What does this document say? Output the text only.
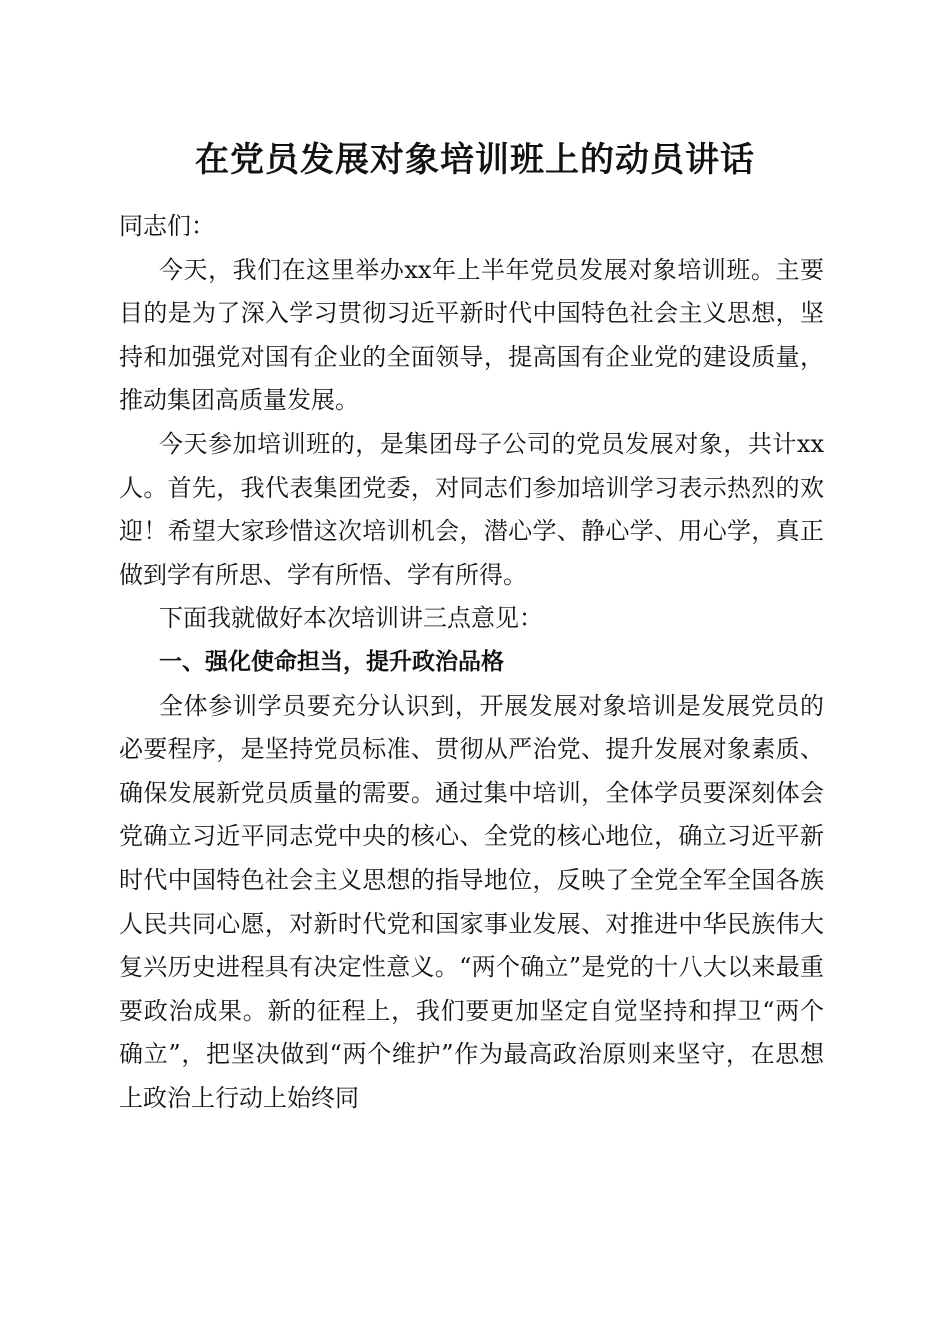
在党员发展对象培训班上的动员讲话

同志们：

今天，我们在这里举办xx年上半年党员发展对象培训班。主要目的是为了深入学习贯彻习近平新时代中国特色社会主义思想，坚持和加强党对国有企业的全面领导，提高国有企业党的建设质量，推动集团高质量发展。

今天参加培训班的，是集团母子公司的党员发展对象，共计xx人。首先，我代表集团党委，对同志们参加培训学习表示热烈的欢迎！希望大家珍惜这次培训机会，潜心学、静心学、用心学，真正做到学有所思、学有所悟、学有所得。

下面我就做好本次培训讲三点意见：

一、强化使命担当，提升政治品格

全体参训学员要充分认识到，开展发展对象培训是发展党员的必要程序，是坚持党员标准、贯彻从严治党、提升发展对象素质、确保发展新党员质量的需要。通过集中培训，全体学员要深刻体会党确立习近平同志党中央的核心、全党的核心地位，确立习近平新时代中国特色社会主义思想的指导地位，反映了全党全军全国各族人民共同心愿，对新时代党和国家事业发展、对推进中华民族伟大复兴历史进程具有决定性意义。“两个确立”是党的十八大以来最重要政治成果。新的征程上，我们要更加坚定自觉坚持和捍卫“两个确立”，把坚决做到“两个维护”作为最高政治原则来坚守，在思想上政治上行动上始终同
